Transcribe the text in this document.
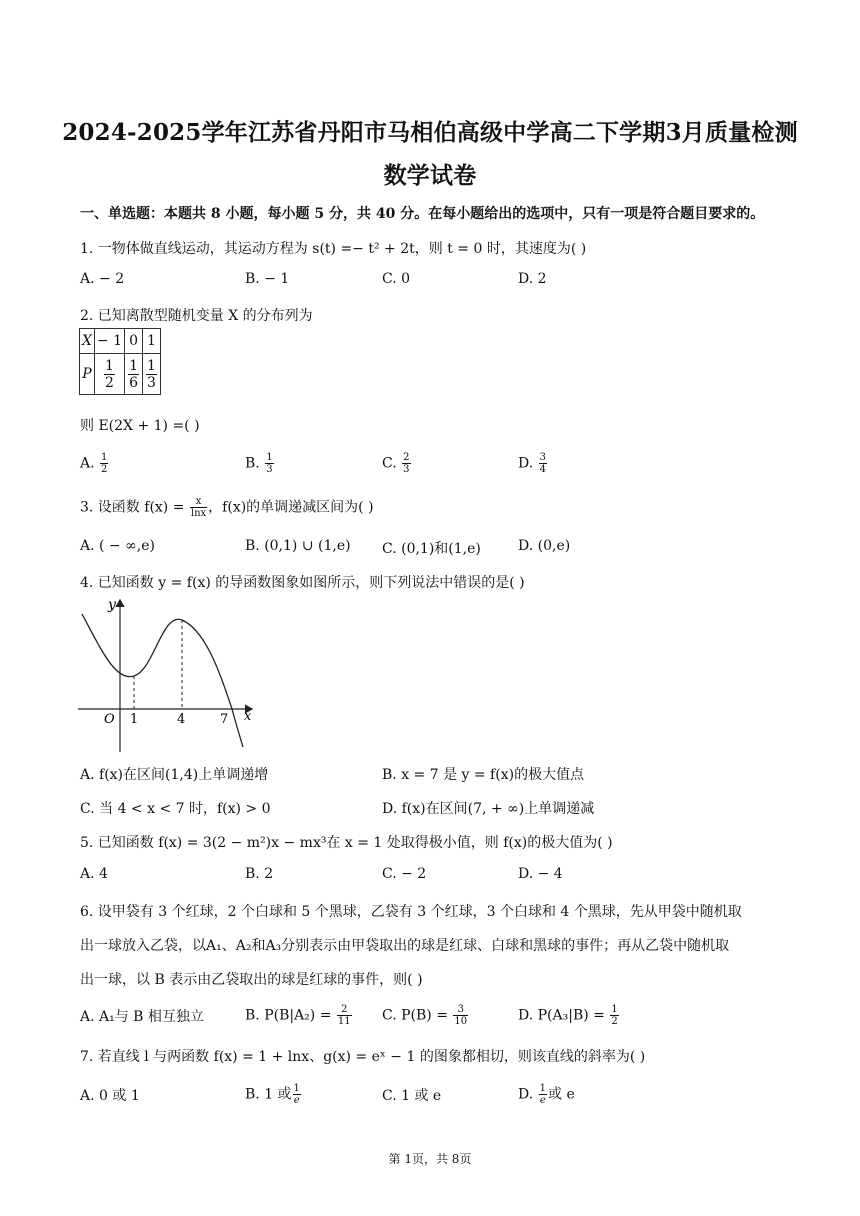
2024-2025学年江苏省丹阳市马相伯高级中学高二下学期3月质量检测
数学试卷
一、单选题：本题共 8 小题，每小题 5 分，共 40 分。在每小题给出的选项中，只有一项是符合题目要求的。
1. 一物体做直线运动，其运动方程为 s(t) =− t² + 2t，则 t = 0 时，其速度为( )
A. − 2	B. − 1	C. 0	D. 2
2. 已知离散型随机变量 X 的分布列为
X	− 1	0	1
P	$\frac{1}{2}$	$\frac{1}{6}$	$\frac{1}{3}$
则 E(2X + 1) =( )
A. $\frac{1}{2}$	B. $\frac{1}{3}$	C. $\frac{2}{3}$	D. $\frac{3}{4}$
3. 设函数 $f(x) = \frac{x}{\ln x}$ ，f(x)的单调递减区间为( )
A. ( − ∞,e)	B. (0,1) ∪ (1,e) C. (0,1)和(1,e)	D. (0,e)
4. 已知函数 y = f(x) 的导函数图象如图所示，则下列说法中错误的是( )
y
x
O 1	4	7
A. f(x)在区间(1,4)上单调递增	B. x = 7 是 y = f(x)的极大值点
C. 当 4 < x < 7 时，f(x) > 0	D. f(x)在区间(7, + ∞)上单调递减
5. 已知函数 f(x) = 3(2 − m²)x − mx³在 x = 1 处取得极小值，则 f(x)的极大值为( )
A. 4	B. 2	C. − 2	D. − 4
6. 设甲袋有 3 个红球，2 个白球和 5 个黑球，乙袋有 3 个红球，3 个白球和 4 个黑球，先从甲袋中随机取
出一球放入乙袋，以A₁、A₂和A₃分别表示由甲袋取出的球是红球、白球和黑球的事件；再从乙袋中随机取
出一球，以 B 表示由乙袋取出的球是红球的事件，则( )
A. A₁与 B 相互独立	B. $P(B|A_2) = \frac{2}{11} C$. $P(B) = \frac{3}{10}$	D. $P(A_3|B) = \frac{1}{2}$
7. 若直线 l 与两函数 f(x) = 1 + lnx、g(x) = eˣ − 1 的图象都相切，则该直线的斜率为( )
A. 0 或 1	B. 1 或 $\frac{1}{e}$	C. 1 或 e	D. $\frac{1}{e}$ 或 e
第 1页，共 8页
